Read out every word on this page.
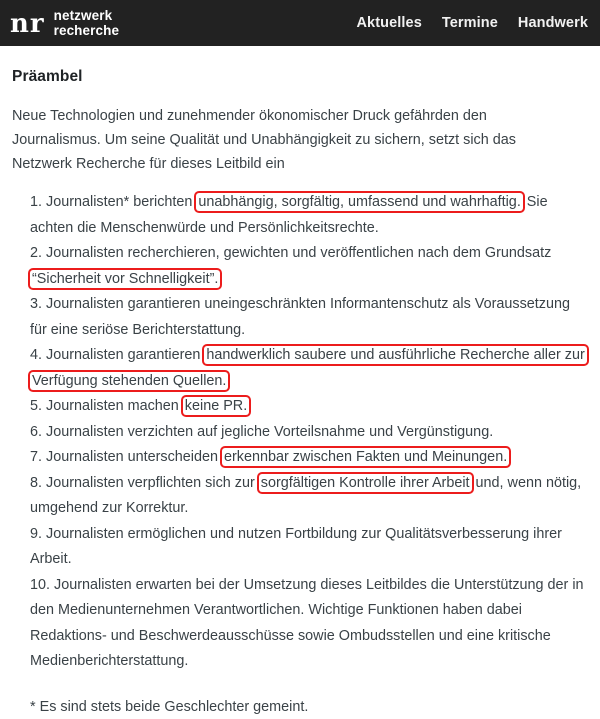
nr netzwerk
recherche	Aktuelles Termine Handwerk
Präambel

Neue Technologien und zunehmender ökonomischer Druck gefährden den Journalismus. Um seine Qualität und Unabhängigkeit zu sichern, setzt sich das Netzwerk Recherche für dieses Leitbild ein

1. Journalisten* berichten unabhängig, sorgfältig, umfassend und wahrhaftig. Sie achten die Menschenwürde und Persönlichkeitsrechte.
2. Journalisten recherchieren, gewichten und veröffentlichen nach dem Grundsatz “Sicherheit vor Schnelligkeit”.
3. Journalisten garantieren uneingeschränkten Informantenschutz als Voraussetzung für eine seriöse Berichterstattung.
4. Journalisten garantieren handwerklich saubere und ausführliche Recherche aller zur Verfügung stehenden Quellen.
5. Journalisten machen keine PR.
6. Journalisten verzichten auf jegliche Vorteilsnahme und Vergünstigung.
7. Journalisten unterscheiden erkennbar zwischen Fakten und Meinungen.
8. Journalisten verpflichten sich zur sorgfältigen Kontrolle ihrer Arbeit und, wenn nötig, umgehend zur Korrektur.
9. Journalisten ermöglichen und nutzen Fortbildung zur Qualitätsverbesserung ihrer Arbeit.
10. Journalisten erwarten bei der Umsetzung dieses Leitbildes die Unterstützung der in den Medienunternehmen Verantwortlichen. Wichtige Funktionen haben dabei Redaktions- und Beschwerdeausschüsse sowie Ombudsstellen und eine kritische Medienberichterstattung.

* Es sind stets beide Geschlechter gemeint.
